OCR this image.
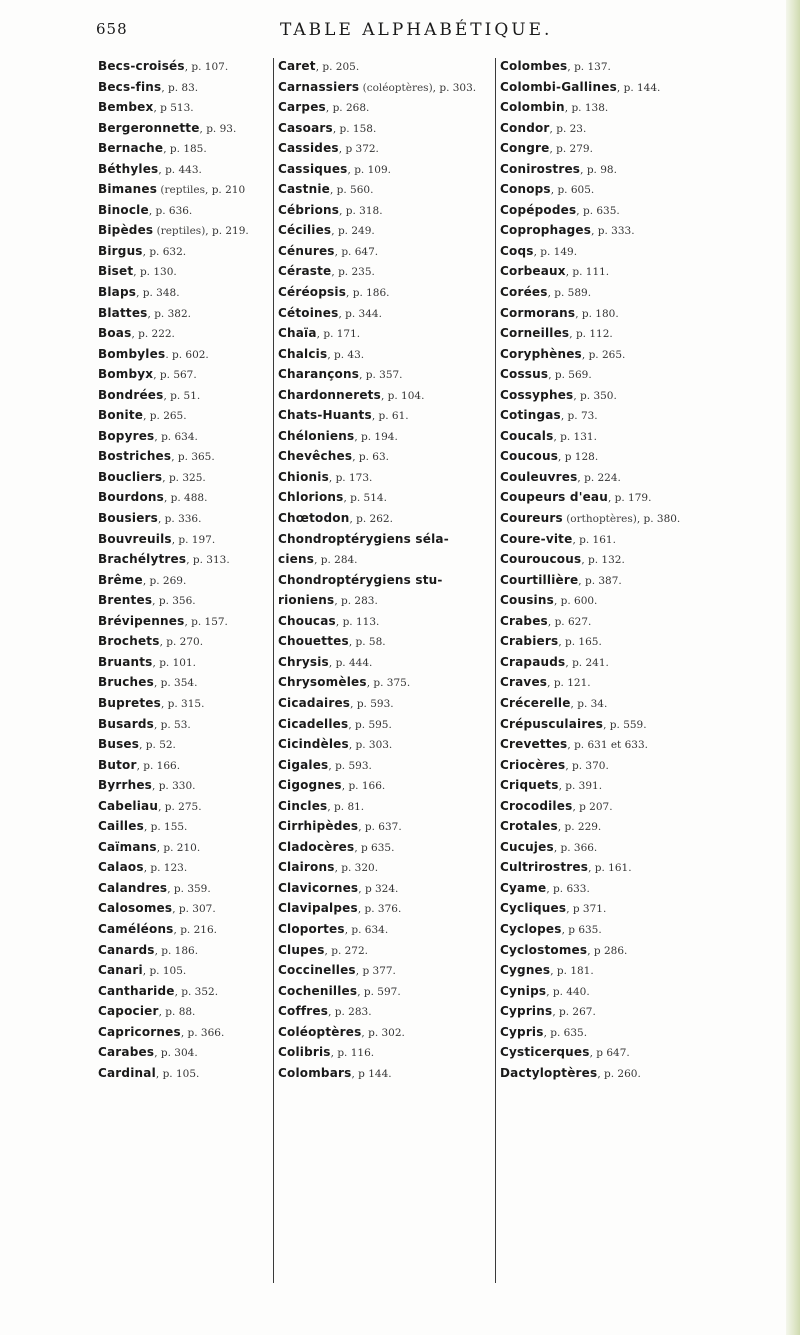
658	TABLE ALPHABÉTIQUE.
Becs-croisés, p. 107.
Becs-fins, p. 83.
Bembex, p 513.
Bergeronnette, p. 93.
Bernache, p. 185.
Béthyles, p. 443.
Bimanes (reptiles, p. 210
Binocle, p. 636.
Bipèdes (reptiles), p. 219.
Birgus, p. 632.
Biset, p. 130.
Blaps, p. 348.
Blattes, p. 382.
Boas, p. 222.
Bombyles. p. 602.
Bombyx, p. 567.
Bondrées, p. 51.
Bonite, p. 265.
Bopyres, p. 634.
Bostriches, p. 365.
Boucliers, p. 325.
Bourdons, p. 488.
Bousiers, p. 336.
Bouvreuils, p. 197.
Brachélytres, p. 313.
Brême, p. 269.
Brentes, p. 356.
Brévipennes, p. 157.
Brochets, p. 270.
Bruants, p. 101.
Bruches, p. 354.
Bupretes, p. 315.
Busards, p. 53.
Buses, p. 52.
Butor, p. 166.
Byrrhes, p. 330.
Cabeliau, p. 275.
Cailles, p. 155.
Caïmans, p. 210.
Calaos, p. 123.
Calandres, p. 359.
Calosomes, p. 307.
Caméléons, p. 216.
Canards, p. 186.
Canari, p. 105.
Cantharide, p. 352.
Capocier, p. 88.
Capricornes, p. 366.
Carabes, p. 304.
Cardinal, p. 105.
Caret, p. 205.
Carnassiers (coléoptères), p. 303.
Carpes, p. 268.
Casoars, p. 158.
Cassides, p 372.
Cassiques, p. 109.
Castnie, p. 560.
Cébrions, p. 318.
Cécilies, p. 249.
Cénures, p. 647.
Céraste, p. 235.
Céréopsis, p. 186.
Cétoines, p. 344.
Chaïa, p. 171.
Chalcis, p. 43.
Charançons, p. 357.
Chardonnerets, p. 104.
Chats-Huants, p. 61.
Chéloniens, p. 194.
Chevêches, p. 63.
Chionis, p. 173.
Chlorions, p. 514.
Chœtodon, p. 262.
Chondroptérygiens séla-
ciens, p. 284.
Chondroptérygiens stu-
rioniens, p. 283.
Choucas, p. 113.
Chouettes, p. 58.
Chrysis, p. 444.
Chrysomèles, p. 375.
Cicadaires, p. 593.
Cicadelles, p. 595.
Cicindèles, p. 303.
Cigales, p. 593.
Cigognes, p. 166.
Cincles, p. 81.
Cirrhipèdes, p. 637.
Cladocères, p 635.
Clairons, p. 320.
Clavicornes, p 324.
Clavipalpes, p. 376.
Cloportes, p. 634.
Clupes, p. 272.
Coccinelles, p 377.
Cochenilles, p. 597.
Coffres, p. 283.
Coléoptères, p. 302.
Colibris, p. 116.
Colombars, p 144.
Colombes, p. 137.
Colombi-Gallines, p. 144.
Colombin, p. 138.
Condor, p. 23.
Congre, p. 279.
Conirostres, p. 98.
Conops, p. 605.
Copépodes, p. 635.
Coprophages, p. 333.
Coqs, p. 149.
Corbeaux, p. 111.
Corées, p. 589.
Cormorans, p. 180.
Corneilles, p. 112.
Coryphènes, p. 265.
Cossus, p. 569.
Cossyphes, p. 350.
Cotingas, p. 73.
Coucals, p. 131.
Coucous, p 128.
Couleuvres, p. 224.
Coupeurs d'eau, p. 179.
Coureurs (orthoptères), p. 380.
Coure-vite, p. 161.
Couroucous, p. 132.
Courtillière, p. 387.
Cousins, p. 600.
Crabes, p. 627.
Crabiers, p. 165.
Crapauds, p. 241.
Craves, p. 121.
Crécerelle, p. 34.
Crépusculaires, p. 559.
Crevettes, p. 631 et 633.
Criocères, p. 370.
Criquets, p. 391.
Crocodiles, p 207.
Crotales, p. 229.
Cucujes, p. 366.
Cultrirostres, p. 161.
Cyame, p. 633.
Cycliques, p 371.
Cyclopes, p 635.
Cyclostomes, p 286.
Cygnes, p. 181.
Cynips, p. 440.
Cyprins, p. 267.
Cypris, p. 635.
Cysticerques, p 647.
Dactyloptères, p. 260.
